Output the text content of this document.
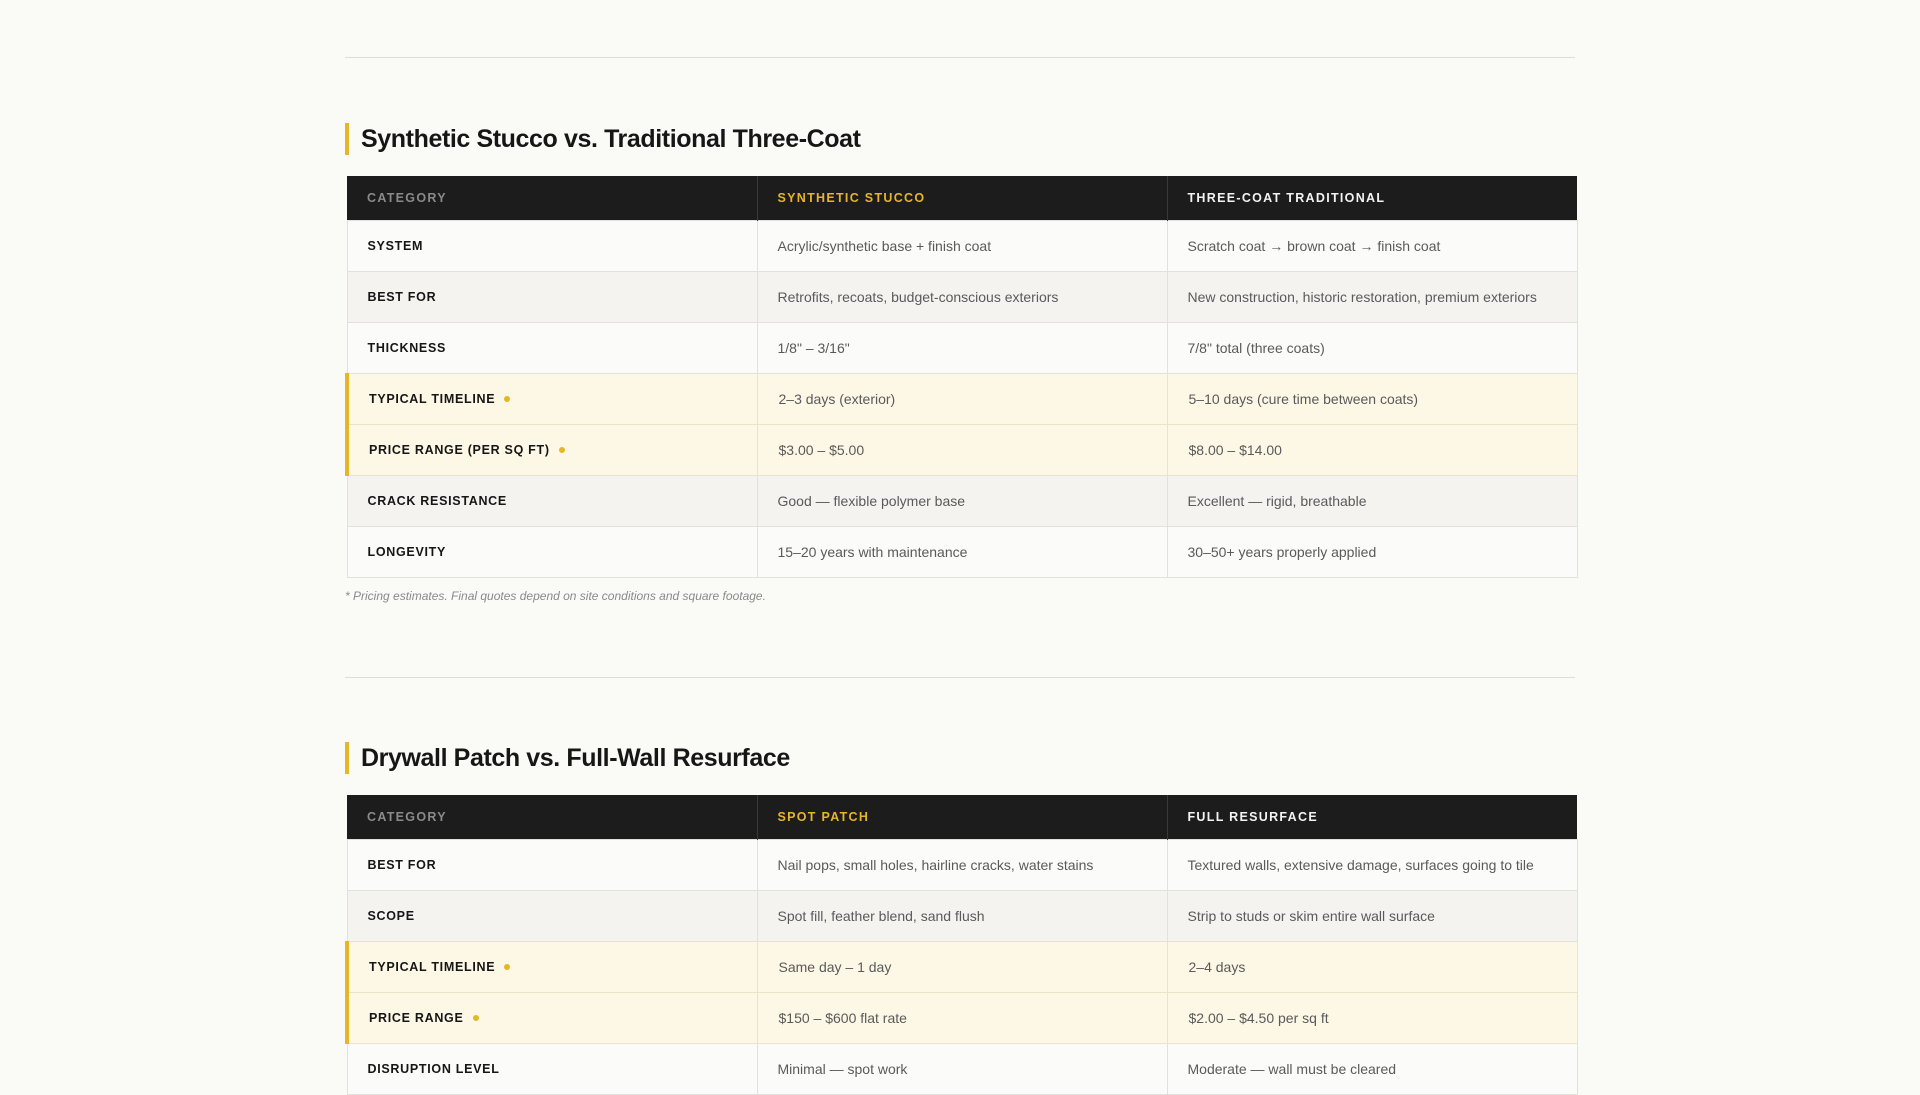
Synthetic Stucco vs. Traditional Three-Coat
CATEGORY	SYNTHETIC STUCCO	THREE-COAT TRADITIONAL
SYSTEM	Acrylic/synthetic base + finish coat	Scratch coat → brown coat → finish coat
BEST FOR	Retrofits, recoats, budget-conscious exteriors	New construction, historic restoration, premium exteriors
THICKNESS	1/8" – 3/16"	7/8" total (three coats)
TYPICAL TIMELINE	2–3 days (exterior)	5–10 days (cure time between coats)
PRICE RANGE (PER SQ FT)	$3.00 – $5.00	$8.00 – $14.00
CRACK RESISTANCE	Good — flexible polymer base	Excellent — rigid, breathable
LONGEVITY	15–20 years with maintenance	30–50+ years properly applied
* Pricing estimates. Final quotes depend on site conditions and square footage.
Drywall Patch vs. Full-Wall Resurface
CATEGORY	SPOT PATCH	FULL RESURFACE
BEST FOR	Nail pops, small holes, hairline cracks, water stains	Textured walls, extensive damage, surfaces going to tile
SCOPE	Spot fill, feather blend, sand flush	Strip to studs or skim entire wall surface
TYPICAL TIMELINE	Same day – 1 day	2–4 days
PRICE RANGE	$150 – $600 flat rate	$2.00 – $4.50 per sq ft
DISRUPTION LEVEL	Minimal — spot work	Moderate — wall must be cleared
